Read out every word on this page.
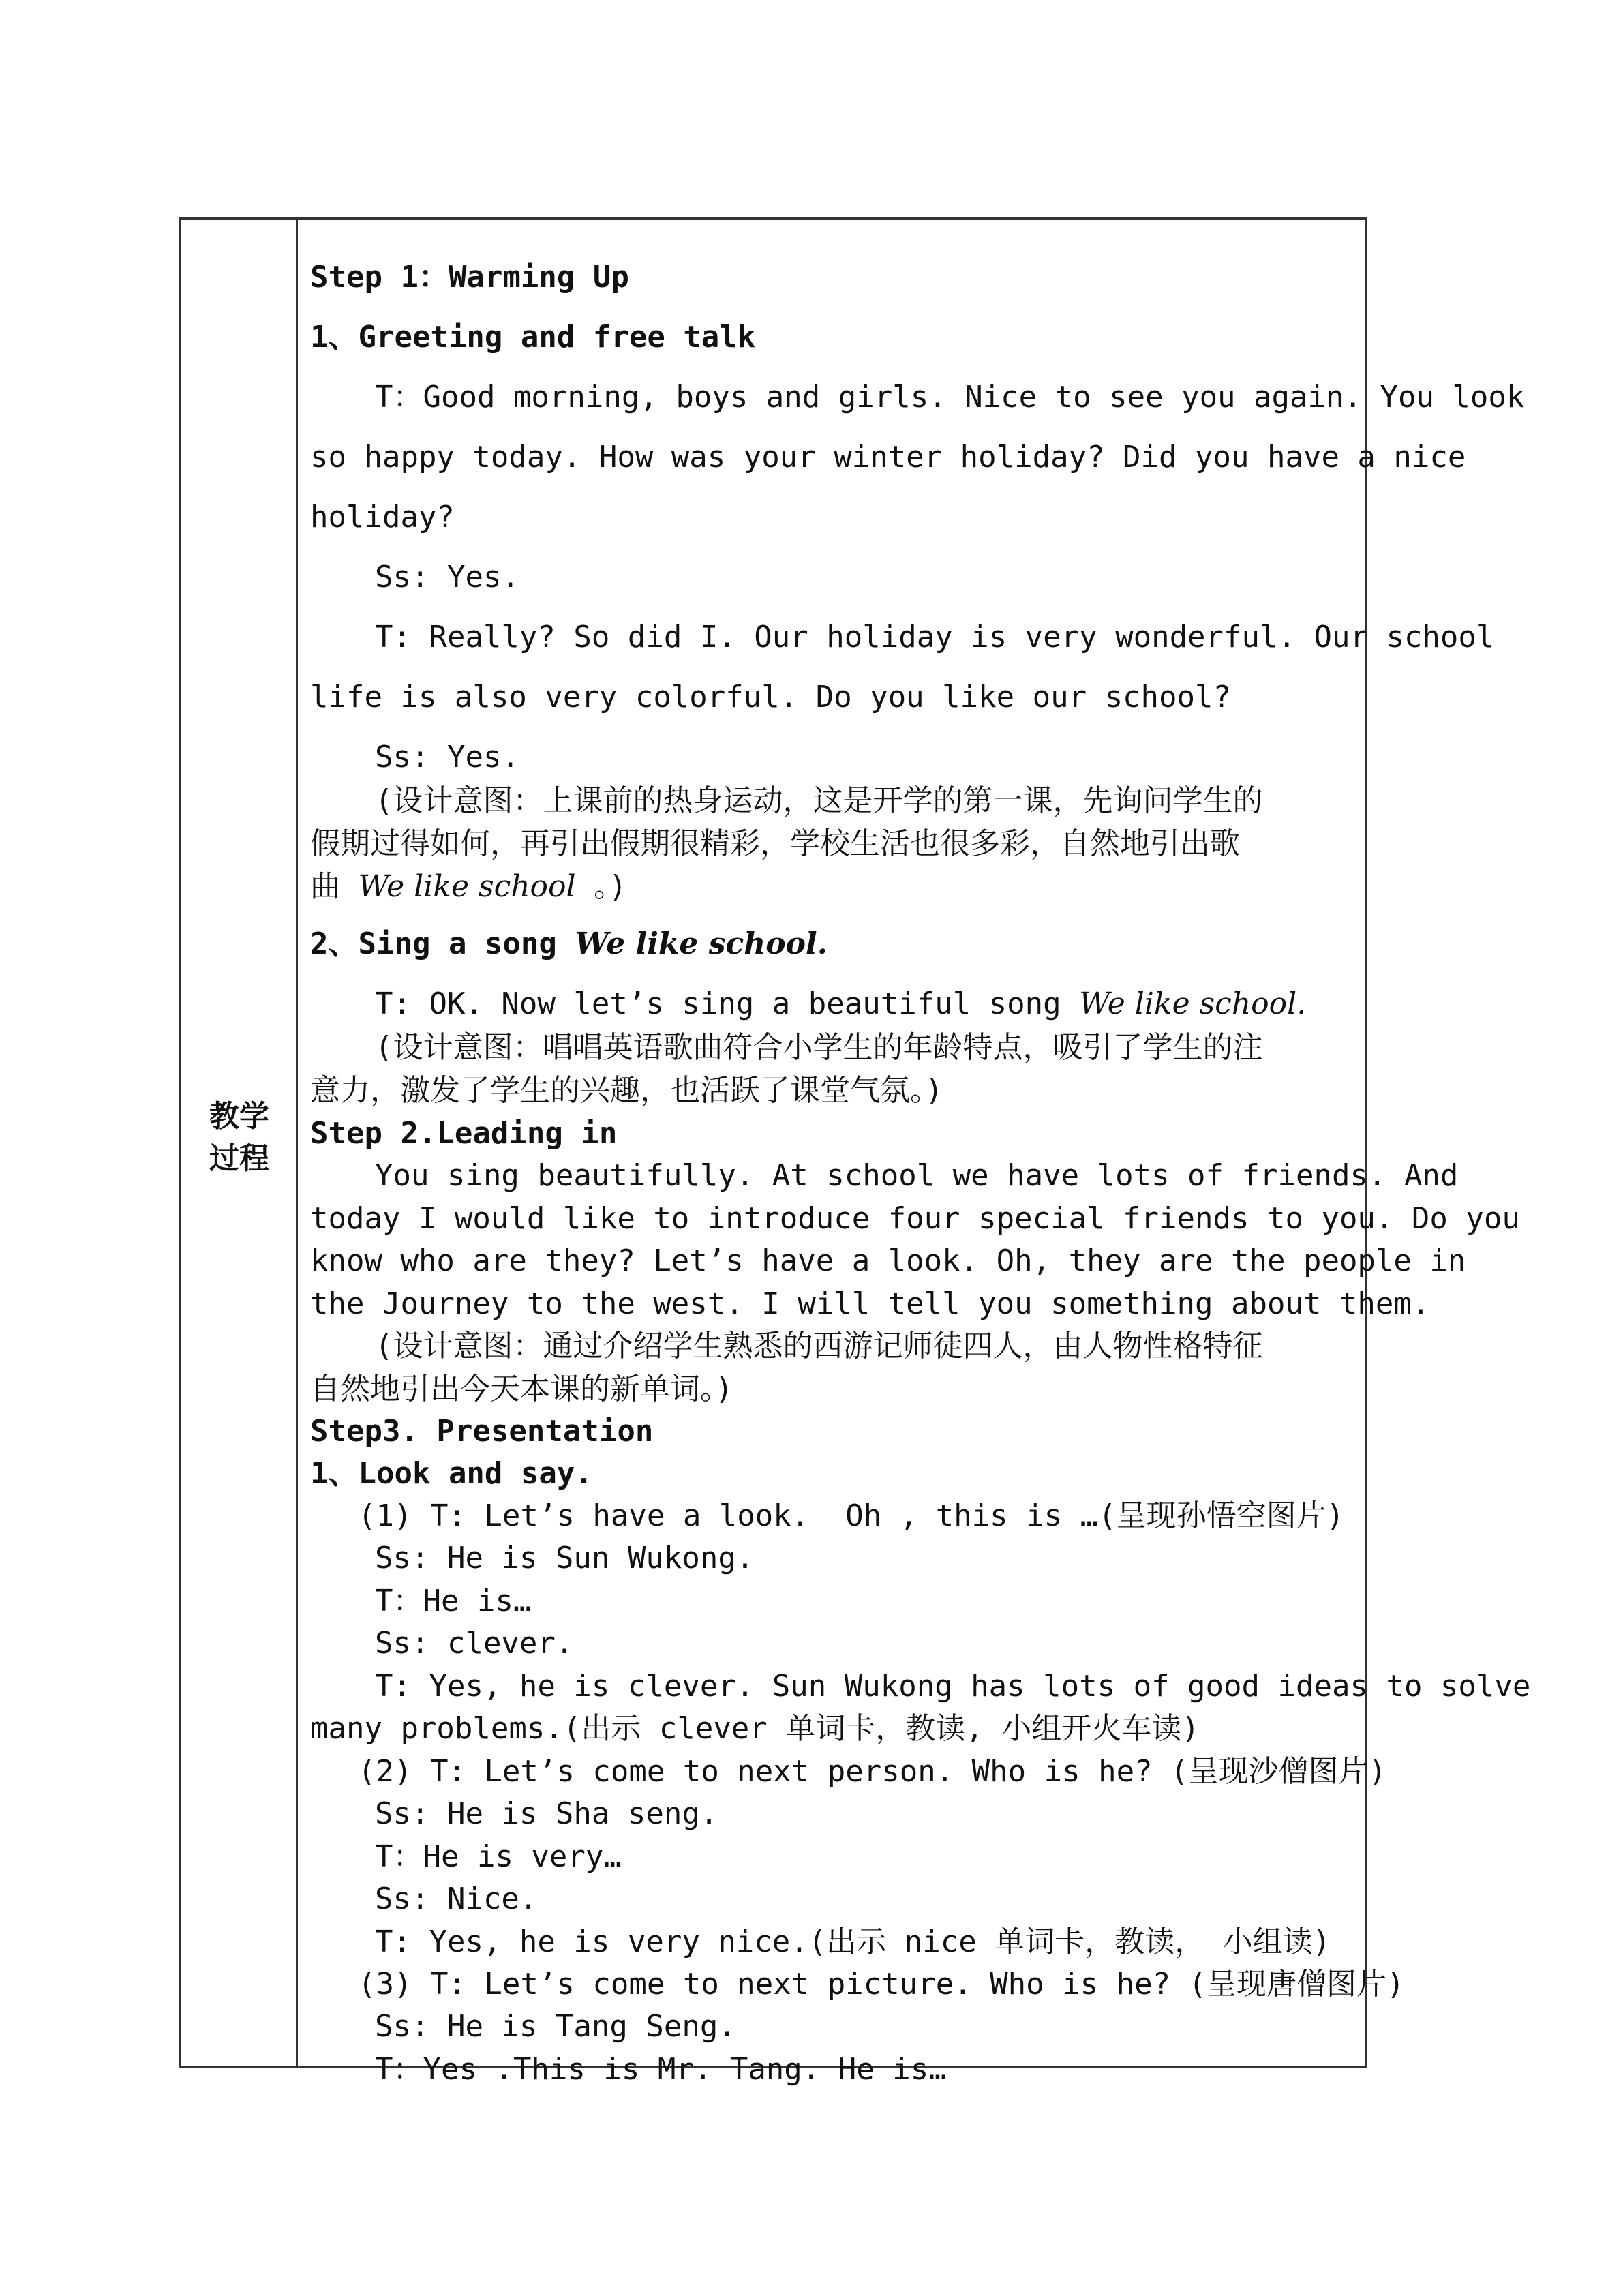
教学
过程
Step 1：Warming Up
1、Greeting and free talk
T：Good morning, boys and girls. Nice to see you again. You look
so happy today. How was your winter holiday? Did you have a nice
holiday?
Ss: Yes.
T: Really? So did I. Our holiday is very wonderful. Our school
life is also very colorful. Do you like our school?
Ss: Yes.
(设计意图：上课前的热身运动，这是开学的第一课，先询问学生的
假期过得如何，再引出假期很精彩，学校生活也很多彩，自然地引出歌
曲 We like school 。)
2、Sing a song We like school.
T: OK. Now let’s sing a beautiful song We like school.
(设计意图：唱唱英语歌曲符合小学生的年龄特点，吸引了学生的注
意力，激发了学生的兴趣，也活跃了课堂气氛。)
Step 2.Leading in
You sing beautifully. At school we have lots of friends. And
today I would like to introduce four special friends to you. Do you
know who are they? Let’s have a look. Oh, they are the people in
the Journey to the west. I will tell you something about them.
(设计意图：通过介绍学生熟悉的西游记师徒四人，由人物性格特征
自然地引出今天本课的新单词。)
Step3. Presentation
1、Look and say.
(1) T: Let’s have a look.  Oh , this is …(呈现孙悟空图片)
Ss: He is Sun Wukong.
T：He is…
Ss: clever.
T: Yes, he is clever. Sun Wukong has lots of good ideas to solve
many problems.(出示 clever 单词卡，教读, 小组开火车读)
(2) T: Let’s come to next person. Who is he? (呈现沙僧图片)
Ss: He is Sha seng.
T：He is very…
Ss: Nice.
T: Yes, he is very nice.(出示 nice 单词卡，教读， 小组读)
(3) T: Let’s come to next picture. Who is he? (呈现唐僧图片)
Ss: He is Tang Seng.
T：Yes .This is Mr. Tang. He is…
